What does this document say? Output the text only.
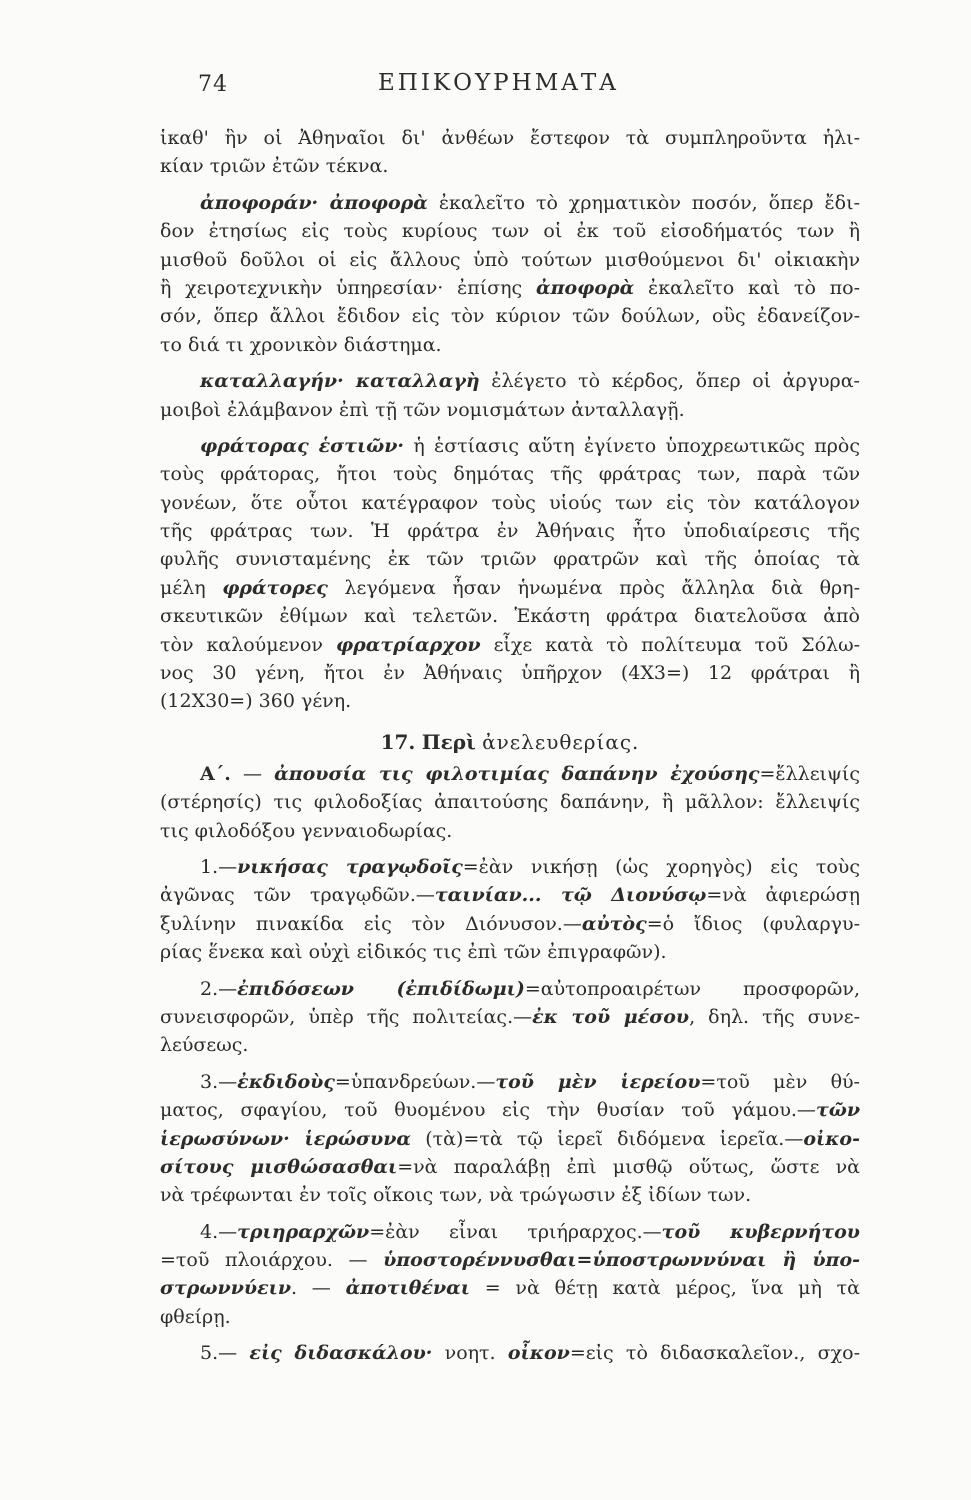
74	ΕΠΙΚΟΥΡΗΜΑΤΑ
ἱκαθ' ἣν οἱ Ἀθηναῖοι δι' ἀνθέων ἔστεφον τὰ συμπληροῦντα ἡλι-
κίαν τριῶν ἐτῶν τέκνα.
ἀποφοράν· ἀποφορὰ ἐκαλεῖτο τὸ χρηματικὸν ποσόν, ὅπερ ἔδι-
δον ἐτησίως εἰς τοὺς κυρίους των οἱ ἐκ τοῦ εἰσοδήματός των ἢ
μισθοῦ δοῦλοι οἱ εἰς ἄλλους ὑπὸ τούτων μισθούμενοι δι' οἰκιακὴν
ἢ χειροτεχνικὴν ὑπηρεσίαν· ἐπίσης ἀποφορὰ ἐκαλεῖτο καὶ τὸ πο-
σόν, ὅπερ ἄλλοι ἔδιδον εἰς τὸν κύριον τῶν δούλων, οὓς ἐδανείζον-
το διά τι χρονικὸν διάστημα.
καταλλαγήν· καταλλαγὴ ἐλέγετο τὸ κέρδος, ὅπερ οἱ ἀργυρα-
μοιβοὶ ἐλάμβανον ἐπὶ τῇ τῶν νομισμάτων ἀνταλλαγῇ.
φράτορας ἑστιῶν· ἡ ἑστίασις αὕτη ἐγίνετο ὑποχρεωτικῶς πρὸς
τοὺς φράτορας, ἤτοι τοὺς δημότας τῆς φράτρας των, παρὰ τῶν
γονέων, ὅτε οὗτοι κατέγραφον τοὺς υἱούς των εἰς τὸν κατάλογον
τῆς φράτρας των. Ἡ φράτρα ἐν Ἀθήναις ἦτο ὑποδιαίρεσις τῆς
φυλῆς συνισταμένης ἐκ τῶν τριῶν φρατρῶν καὶ τῆς ὁποίας τὰ
μέλη φράτορες λεγόμενα ἦσαν ἡνωμένα πρὸς ἄλληλα διὰ θρη-
σκευτικῶν ἐθίμων καὶ τελετῶν. Ἑκάστη φράτρα διατελοῦσα ἀπὸ
τὸν καλούμενον φρατρίαρχον εἶχε κατὰ τὸ πολίτευμα τοῦ Σόλω-
νος 30 γένη, ἤτοι ἐν Ἀθήναις ὑπῆρχον (4Χ3=) 12 φράτραι ἢ
(12Χ30=) 360 γένη.
17. Περὶ ἀνελευθερίας.
Α΄. — ἀπουσία τις φιλοτιμίας δαπάνην ἐχούσης=ἔλλειψίς
(στέρησίς) τις φιλοδοξίας ἀπαιτούσης δαπάνην, ἢ μᾶλλον: ἔλλειψίς
τις φιλοδόξου γενναιοδωρίας.
1.—νικήσας τραγῳδοῖς=ἐὰν νικήσῃ (ὡς χορηγὸς) εἰς τοὺς
ἀγῶνας τῶν τραγῳδῶν.—ταινίαν... τῷ Διονύσῳ=νὰ ἀφιερώσῃ
ξυλίνην πινακίδα εἰς τὸν Διόνυσον.—αὐτὸς=ὁ ἴδιος (φυλαργυ-
ρίας ἕνεκα καὶ οὐχὶ εἰδικός τις ἐπὶ τῶν ἐπιγραφῶν).
2.—ἐπιδόσεων (ἐπιδίδωμι)=αὐτοπροαιρέτων προσφορῶν,
συνεισφορῶν, ὑπὲρ τῆς πολιτείας.—ἐκ τοῦ μέσου, δηλ. τῆς συνε-
λεύσεως.
3.—ἐκδιδοὺς=ὑπανδρεύων.—τοῦ μὲν ἱερείου=τοῦ μὲν θύ-
ματος, σφαγίου, τοῦ θυομένου εἰς τὴν θυσίαν τοῦ γάμου.—τῶν
ἱερωσύνων· ἱερώσυνα (τὰ)=τὰ τῷ ἱερεῖ διδόμενα ἱερεῖα.—οἰκο-
σίτους μισθώσασθαι=νὰ παραλάβῃ ἐπὶ μισθῷ οὕτως, ὥστε νὰ
νὰ τρέφωνται ἐν τοῖς οἴκοις των, νὰ τρώγωσιν ἐξ ἰδίων των.
4.—τριηραρχῶν=ἐὰν εἶναι τριήραρχος.—τοῦ κυβερνήτου
=τοῦ πλοιάρχου. — ὑποστορέννυσθαι=ὑποστρωννύναι ἢ ὑπο-
στρωννύειν. — ἀποτιθέναι = νὰ θέτῃ κατὰ μέρος, ἵνα μὴ τὰ
φθείρῃ.
5.— εἰς διδασκάλου· νοητ. οἶκον=εἰς τὸ διδασκαλεῖον., σχο-
